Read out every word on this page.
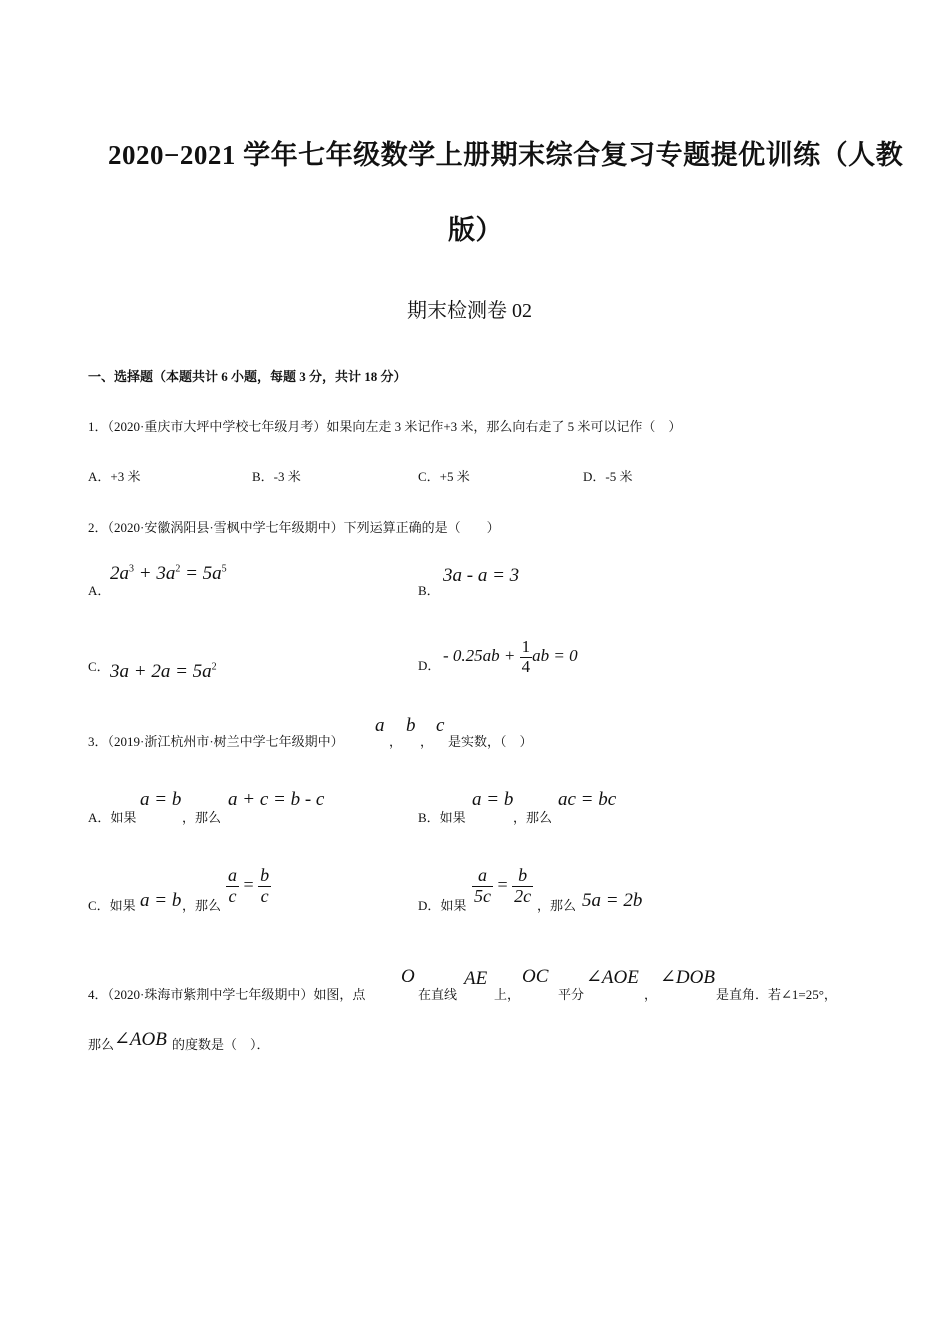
2020−2021 学年七年级数学上册期末综合复习专题提优训练（人教
版）
期末检测卷 02
一、选择题（本题共计 6 小题，每题 3 分，共计 18 分）
1．（2020·重庆市大坪中学校七年级月考）如果向左走 3 米记作+3 米，那么向右走了 5 米可以记作（　）
A．+3 米	B．-3 米	C．+5 米	D．-5 米
2．（2020·安徽涡阳县·雪枫中学七年级期中）下列运算正确的是（　　）
A．
$2a^3 + 3a^2 = 5a^5$
B．
3a - a = 3
C． $3a + 2a = 5a^2$	D．
- $0.25ab + \frac{1}{4}$ ab = 0
3．（2019·浙江杭州市·树兰中学七年级期中）
a
，
b
，
c
是实数，（　）
A．如果
a = b
，那么
a + c = b - c
B．如果
a = b
，那么
ac = bc
C．如果 a = b ，那么 $\frac{a}{c} = \frac{b}{c}$	D．如果 $\frac{a}{5c} = \frac{b}{2c}$ ，那么 5a = 2b
4．（2020·珠海市紫荆中学七年级期中）如图，点
O
在直线
AE
上，
OC
平分
∠AOE
，
∠DOB
是直角．若∠1=25°，
那么 ∠AOB 的度数是（　）．
